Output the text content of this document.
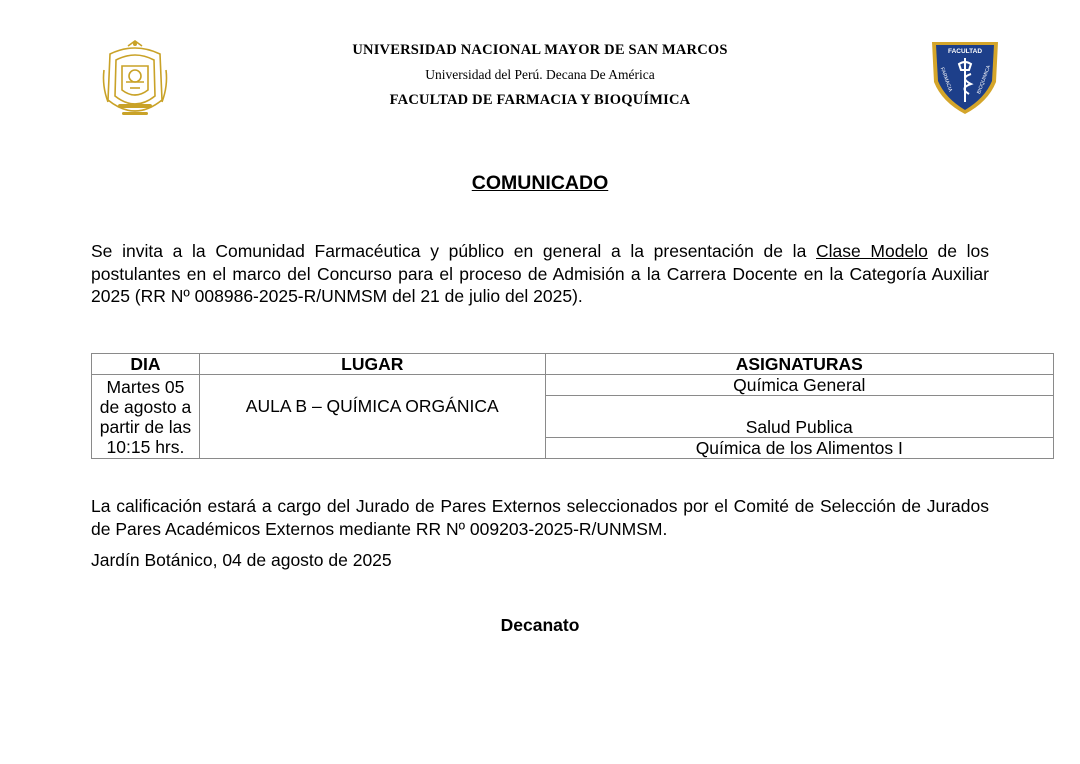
UNIVERSIDAD NACIONAL MAYOR DE SAN MARCOS
Universidad del Perú. Decana De América
FACULTAD DE FARMACIA Y BIOQUÍMICA
FACULTAD
FARMACIA	BIOQUIMICA
COMUNICADO
Se invita a la Comunidad Farmacéutica y público en general a la presentación de la Clase Modelo de los postulantes en el marco del Concurso para el proceso de Admisión a la Carrera Docente en la Categoría Auxiliar 2025 (RR Nº 008986-2025-R/UNMSM del 21 de julio del 2025).
DIA	LUGAR	ASIGNATURAS

Martes 05
de agosto a
partir de las
10:15 hrs.	AULA B – QUÍMICA ORGÁNICA	Química General
		Salud Publica
		Química de los Alimentos I
La calificación estará a cargo del Jurado de Pares Externos seleccionados por el Comité de Selección de Jurados de Pares Académicos Externos mediante RR Nº 009203-2025-R/UNMSM.
Jardín Botánico, 04 de agosto de 2025
Decanato
